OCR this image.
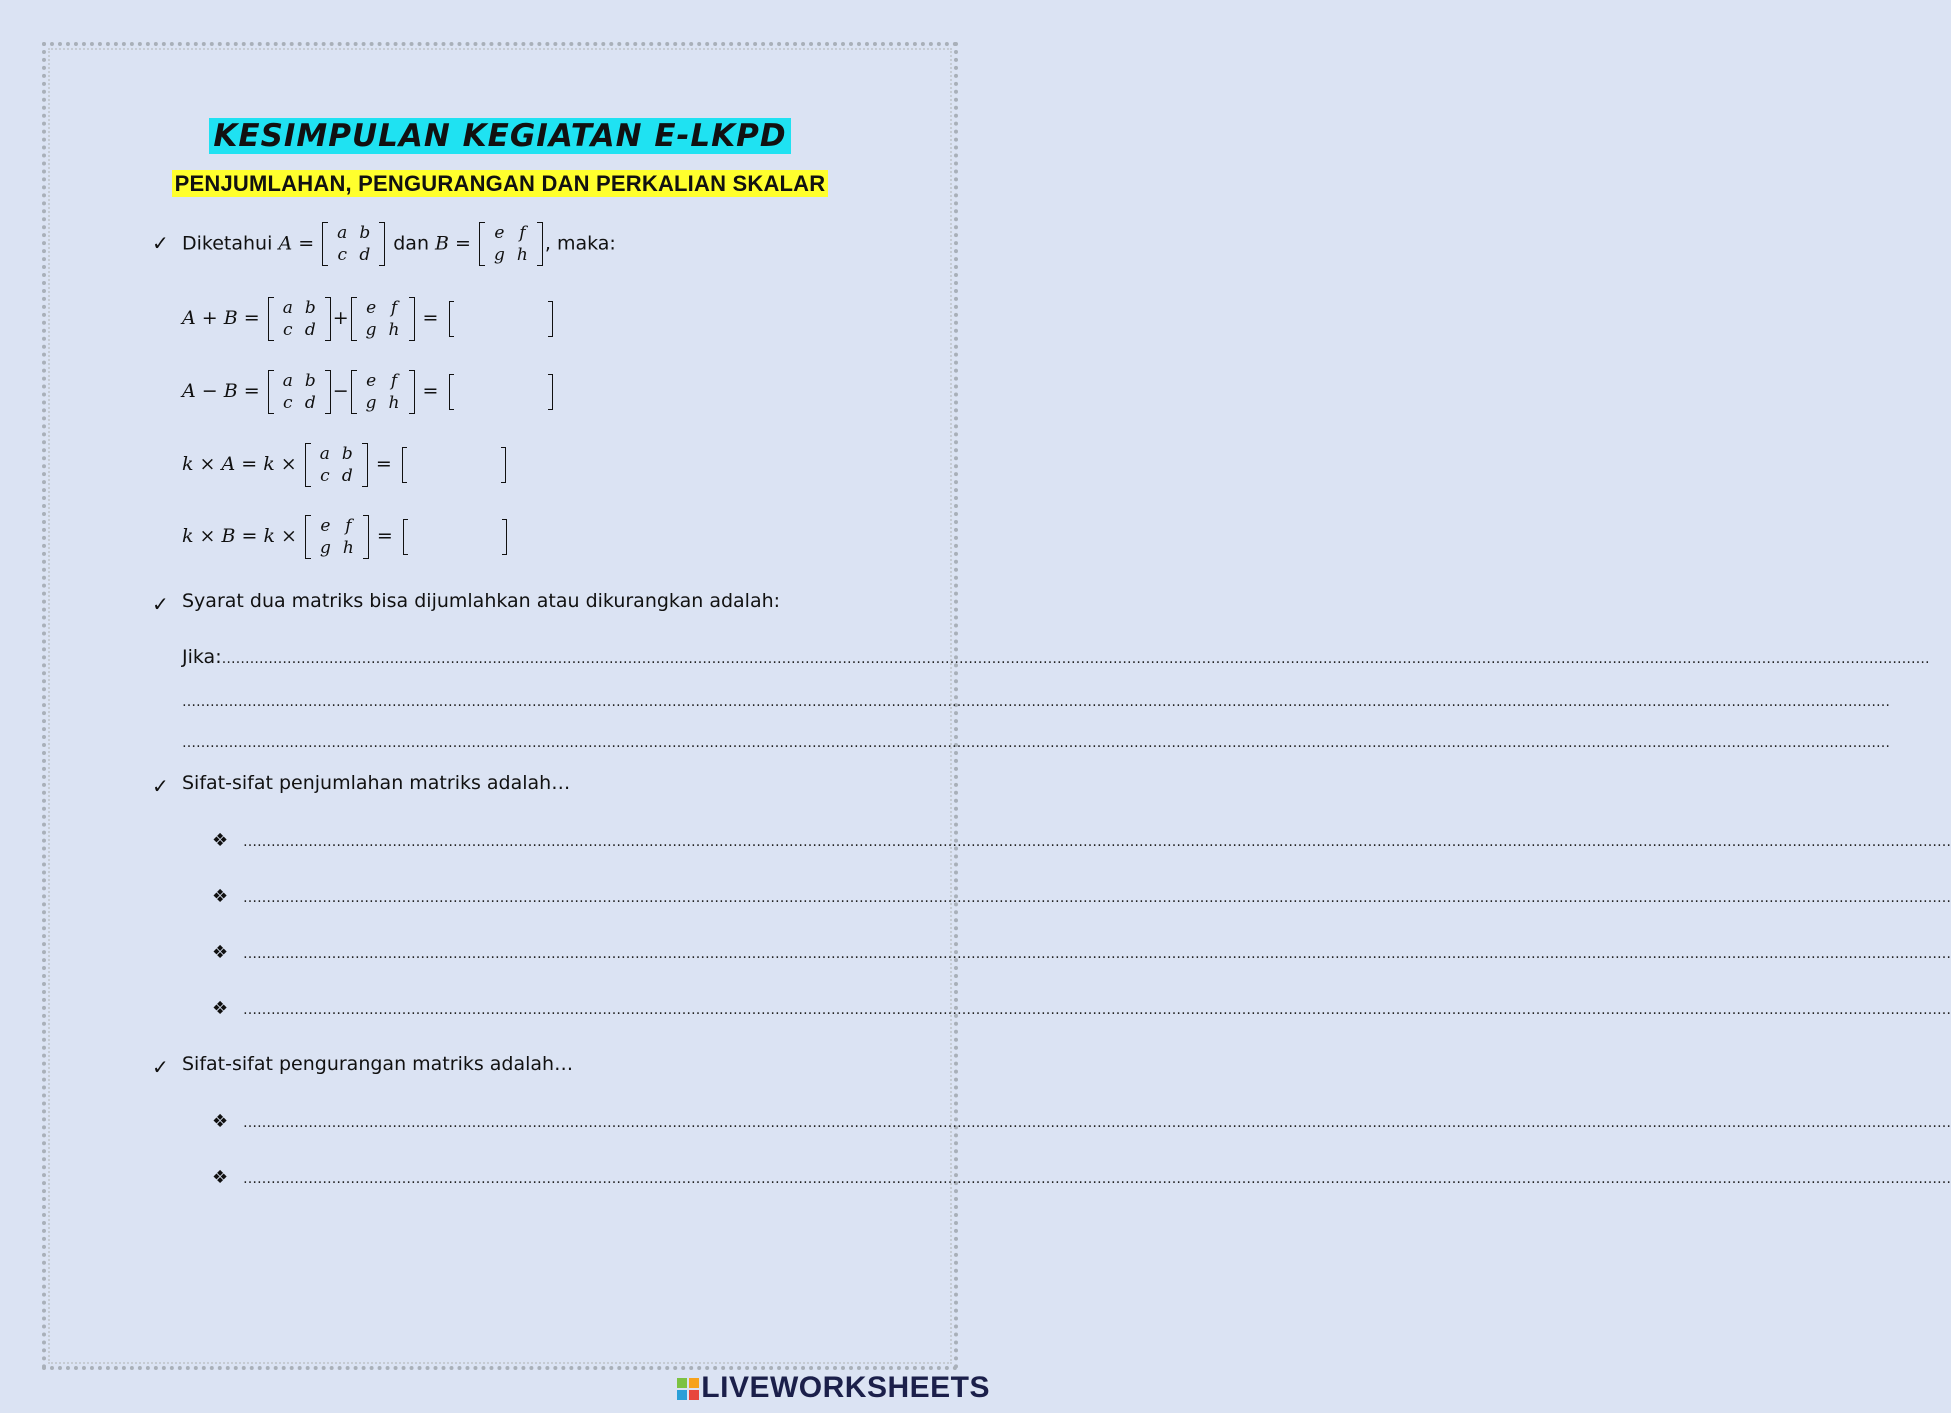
KESIMPULAN KEGIATAN E-LKPD
PENJUMLAHAN, PENGURANGAN DAN PERKALIAN SKALAR
✓ Diketahui A = a	b
c	d
dan B = e	f
g	h
, maka:
A + B = a	b
c	d
+ e	f
g	h
=
A − B = a	b
c	d
− e	f
g	h
=
k × A = k × a	b
c	d
=
k × B = k × e	f
g	h
=
✓ Syarat dua matriks bisa dijumlahkan atau dikurangkan adalah:
Jika:……………………………………………………………………………………………………………………………………………………………………………………………………………………………………………………………………………………………………………………………………
……………………………………………………………………………………………………………………………………………………………………………………………………………………………………………………………………………………………………………………………………
……………………………………………………………………………………………………………………………………………………………………………………………………………………………………………………………………………………………………………………………………
✓ Sifat-sifat penjumlahan matriks adalah…
❖ ……………………………………………………………………………………………………………………………………………………………………………………………………………………………………………………………………………………………………………………………………
❖ ……………………………………………………………………………………………………………………………………………………………………………………………………………………………………………………………………………………………………………………………………
❖ ……………………………………………………………………………………………………………………………………………………………………………………………………………………………………………………………………………………………………………………………………
❖ ……………………………………………………………………………………………………………………………………………………………………………………………………………………………………………………………………………………………………………………………………
✓ Sifat-sifat pengurangan matriks adalah…
❖ ……………………………………………………………………………………………………………………………………………………………………………………………………………………………………………………………………………………………………………………………………
❖ ……………………………………………………………………………………………………………………………………………………………………………………………………………………………………………………………………………………………………………………………………
LIVEWORKSHEETS
